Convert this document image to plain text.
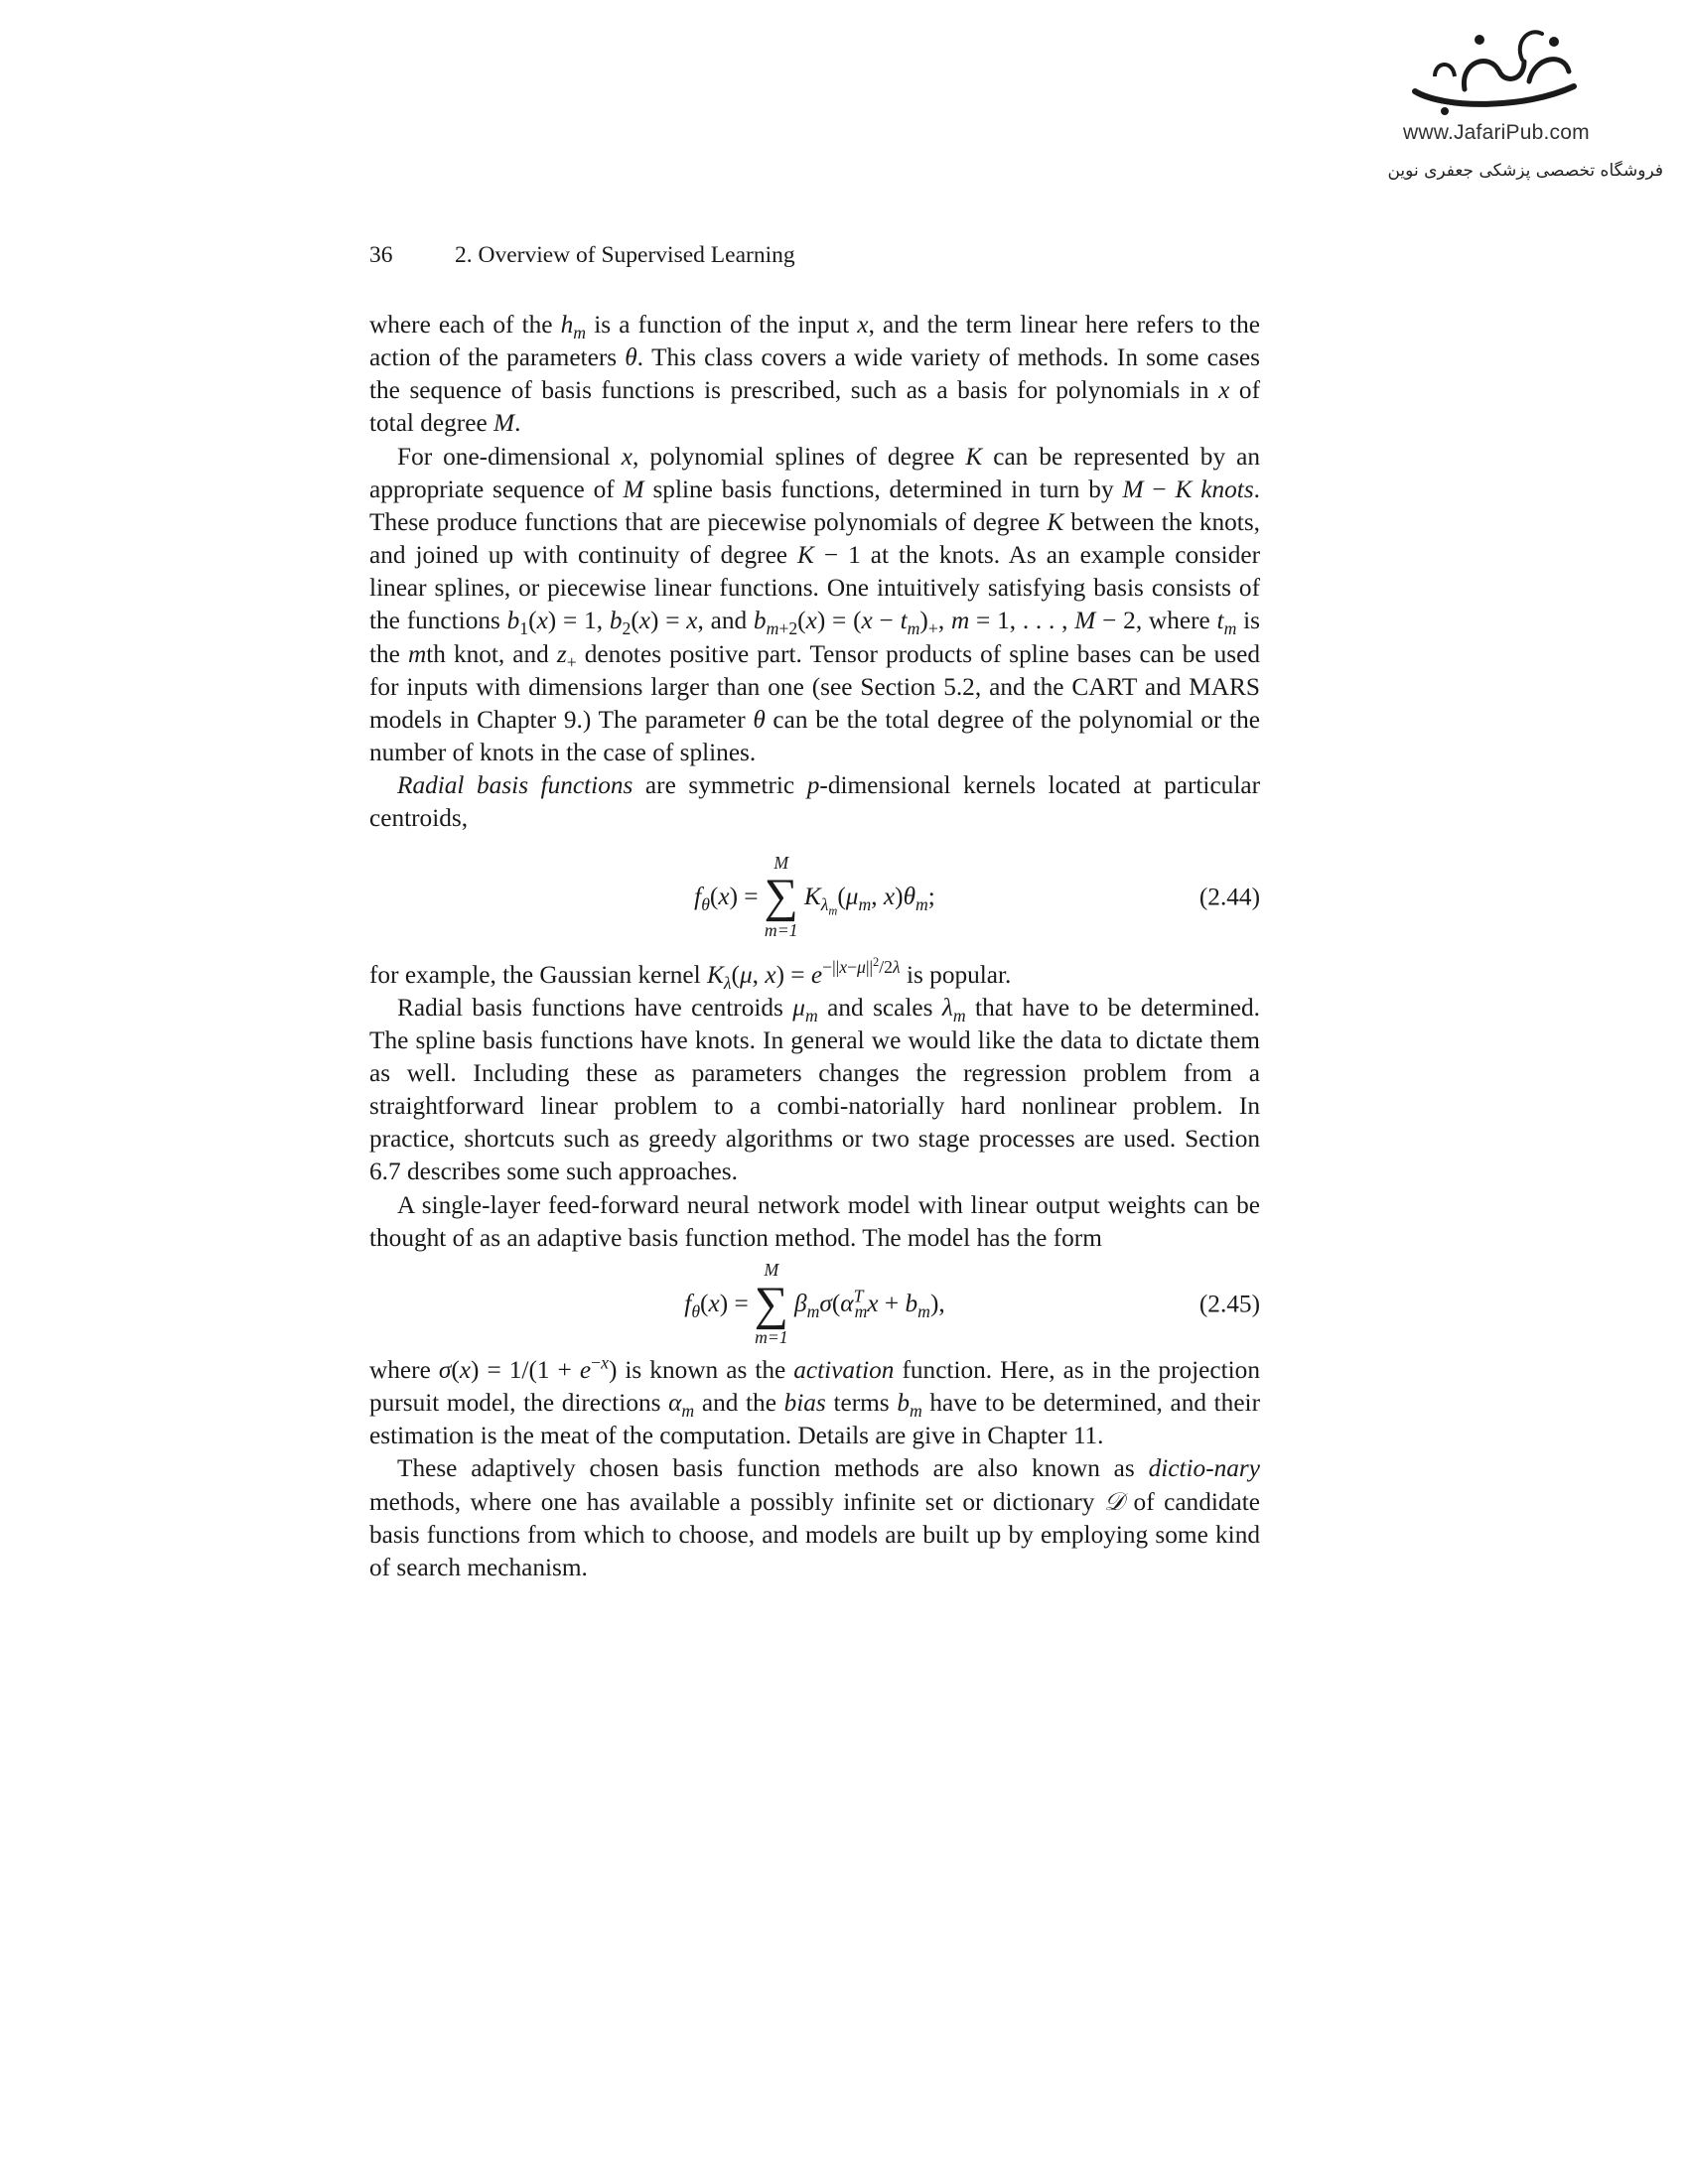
www.JafariPub.com
فروشگاه تخصصی پزشکی جعفری نوین
36	2. Overview of Supervised Learning

where each of the $h_m$ is a function of the input x, and the term linear here refers to the action of the parameters θ. This class covers a wide variety of methods. In some cases the sequence of basis functions is prescribed, such as a basis for polynomials in x of total degree M.

For one-dimensional x, polynomial splines of degree K can be represented by an appropriate sequence of M spline basis functions, determined in turn by M − K knots. These produce functions that are piecewise polynomials of degree K between the knots, and joined up with continuity of degree K − 1 at the knots. As an example consider linear splines, or piecewise linear functions. One intuitively satisfying basis consists of the functions $b_1(x) = 1$, $b_2(x) = x$, and $b_{m+2}(x) = (x - t_m)_+$, m = 1, . . . , M − 2, where $t_m$ is the mth knot, and $z_+$ denotes positive part. Tensor products of spline bases can be used for inputs with dimensions larger than one (see Section 5.2, and the CART and MARS models in Chapter 9.) The parameter θ can be the total degree of the polynomial or the number of knots in the case of splines.

Radial basis functions are symmetric p-dimensional kernels located at particular centroids,

$f_\theta(x)$ =
M
∑
m=1
$K_{\lambda_m}(\mu_m$, $x)\theta_m$;	(2.44)

for example, the Gaussian kernel $K_\lambda(\mu$, $x) = e^{-||x-\mu||^2/2\lambda}$ is popular.

Radial basis functions have centroids $\mu_m$ and scales $\lambda_m$ that have to be determined. The spline basis functions have knots. In general we would like the data to dictate them as well. Including these as parameters changes the regression problem from a straightforward linear problem to a combi-natorially hard nonlinear problem. In practice, shortcuts such as greedy algorithms or two stage processes are used. Section 6.7 describes some such approaches.

A single-layer feed-forward neural network model with linear output weights can be thought of as an adaptive basis function method. The model has the form

$f_\theta(x)$ =
M
∑
m=1
$\beta_m\sigma(\alpha^T_mx + b_m)$,	(2.45)

where $\sigma(x) = 1/(1 + e^{-x})$ is known as the activation function. Here, as in the projection pursuit model, the directions $\alpha_m$ and the bias terms $b_m$ have to be determined, and their estimation is the meat of the computation. Details are give in Chapter 11.

These adaptively chosen basis function methods are also known as dictio-nary methods, where one has available a possibly infinite set or dictionary 𝒟 of candidate basis functions from which to choose, and models are built up by employing some kind of search mechanism.
